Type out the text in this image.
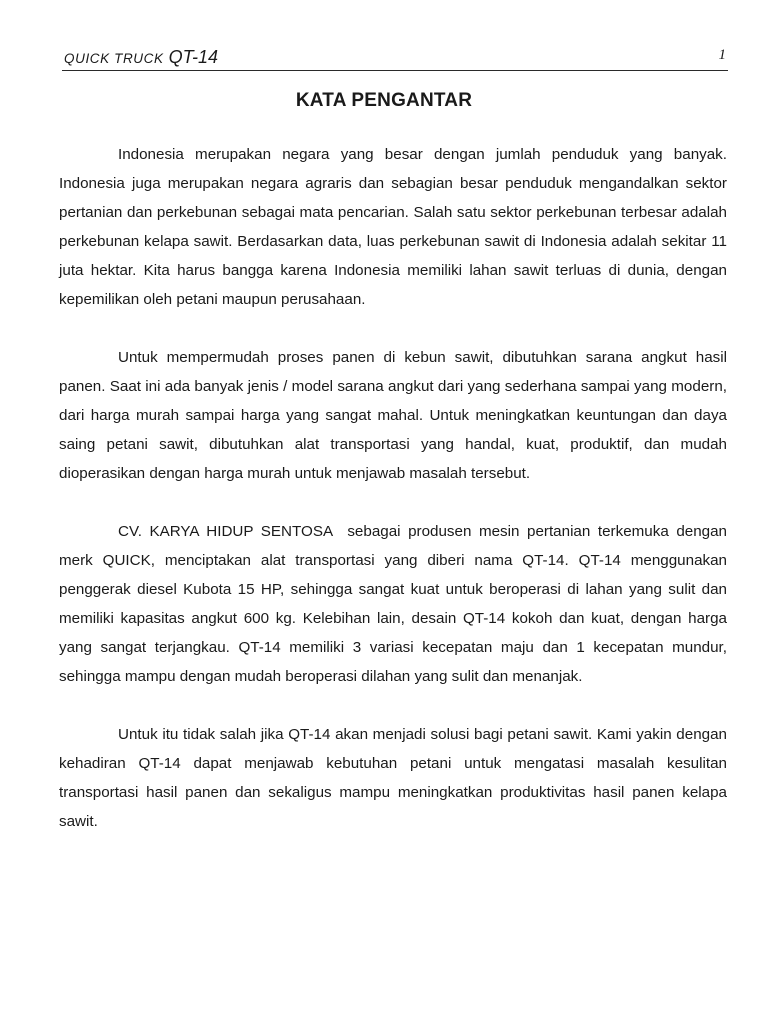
QUICK TRUCK QT-14	1
KATA PENGANTAR

Indonesia merupakan negara yang besar dengan jumlah penduduk yang banyak. Indonesia juga merupakan negara agraris dan sebagian besar penduduk mengandalkan sektor pertanian dan perkebunan sebagai mata pencarian. Salah satu sektor perkebunan terbesar adalah perkebunan kelapa sawit. Berdasarkan data, luas perkebunan sawit di Indonesia adalah sekitar 11 juta hektar. Kita harus bangga karena Indonesia memiliki lahan sawit terluas di dunia, dengan kepemilikan oleh petani maupun perusahaan.

Untuk mempermudah proses panen di kebun sawit, dibutuhkan sarana angkut hasil panen. Saat ini ada banyak jenis / model sarana angkut dari yang sederhana sampai yang modern, dari harga murah sampai harga yang sangat mahal. Untuk meningkatkan keuntungan dan daya saing petani sawit, dibutuhkan alat transportasi yang handal, kuat, produktif, dan mudah dioperasikan dengan harga murah untuk menjawab masalah tersebut.

CV. KARYA HIDUP SENTOSA  sebagai produsen mesin pertanian terkemuka dengan merk QUICK, menciptakan alat transportasi yang diberi nama QT-14. QT-14 menggunakan penggerak diesel Kubota 15 HP, sehingga sangat kuat untuk beroperasi di lahan yang sulit dan memiliki kapasitas angkut 600 kg. Kelebihan lain, desain QT-14 kokoh dan kuat, dengan harga yang sangat terjangkau. QT-14 memiliki 3 variasi kecepatan maju dan 1 kecepatan mundur, sehingga mampu dengan mudah beroperasi dilahan yang sulit dan menanjak.

Untuk itu tidak salah jika QT-14 akan menjadi solusi bagi petani sawit. Kami yakin dengan kehadiran QT-14 dapat menjawab kebutuhan petani untuk mengatasi masalah kesulitan transportasi hasil panen dan sekaligus mampu meningkatkan produktivitas hasil panen kelapa sawit.
